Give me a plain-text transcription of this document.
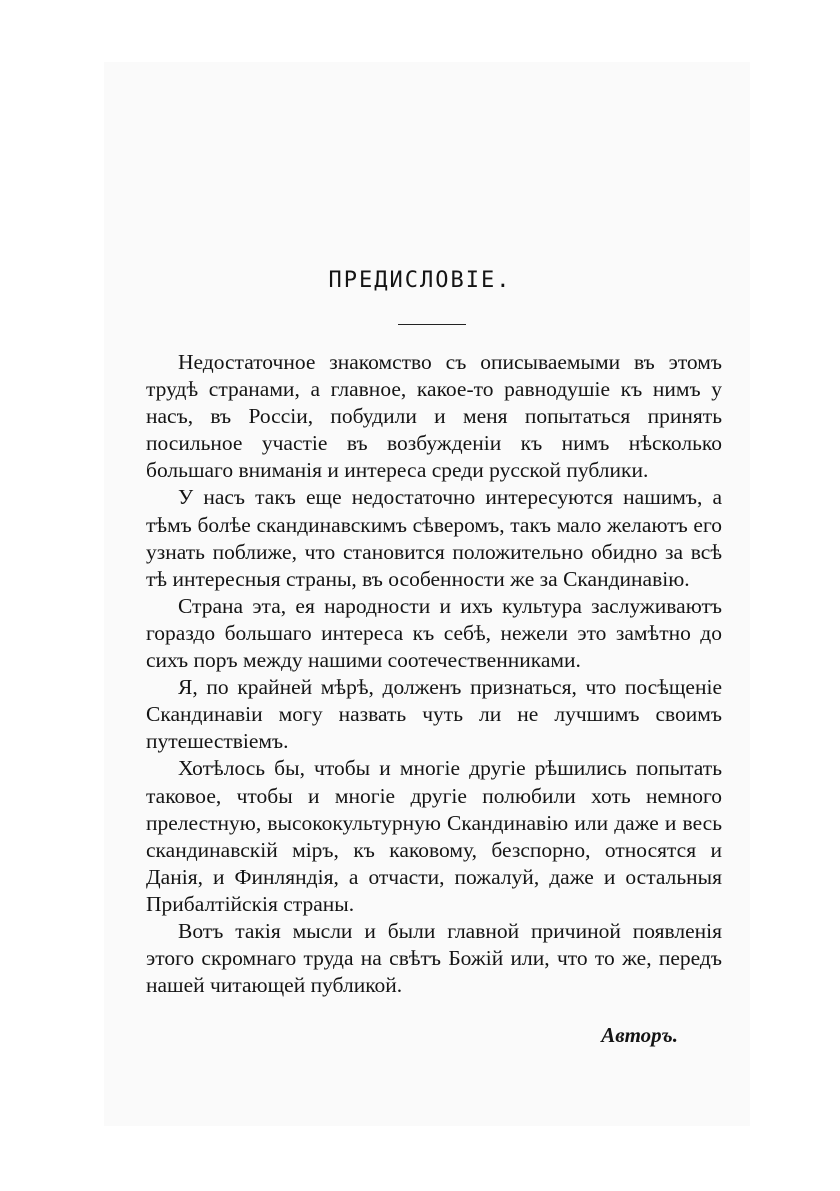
ПРЕДИСЛОВІЕ.

Недостаточное знакомство съ описываемыми въ этомъ трудѣ странами, а главное, какое-то равнодушіе къ нимъ у насъ, въ Россіи, побудили и меня попытаться принять посильное участіе въ возбужденіи къ нимъ нѣсколько большаго вниманія и интереса среди русской публики.

У насъ такъ еще недостаточно интересуются нашимъ, а тѣмъ болѣе скандинавскимъ сѣверомъ, такъ мало желаютъ его узнать поближе, что становится положительно обидно за всѣ тѣ интересныя страны, въ особенности же за Скандинавію.

Страна эта, ея народности и ихъ культура заслуживаютъ гораздо большаго интереса къ себѣ, нежели это замѣтно до сихъ поръ между нашими соотечественниками.

Я, по крайней мѣрѣ, долженъ признаться, что посѣщеніе Скандинавіи могу назвать чуть ли не лучшимъ своимъ путешествіемъ.

Хотѣлось бы, чтобы и многіе другіе рѣшились попытать таковое, чтобы и многіе другіе полюбили хоть немного прелестную, высококультурную Скандинавію или даже и весь скандинавскій міръ, къ каковому, безспорно, относятся и Данія, и Финляндія, а отчасти, пожалуй, даже и остальныя Прибалтійскія страны.

Вотъ такія мысли и были главной причиной появленія этого скромнаго труда на свѣтъ Божій или, что то же, передъ нашей читающей публикой.

Авторъ.
